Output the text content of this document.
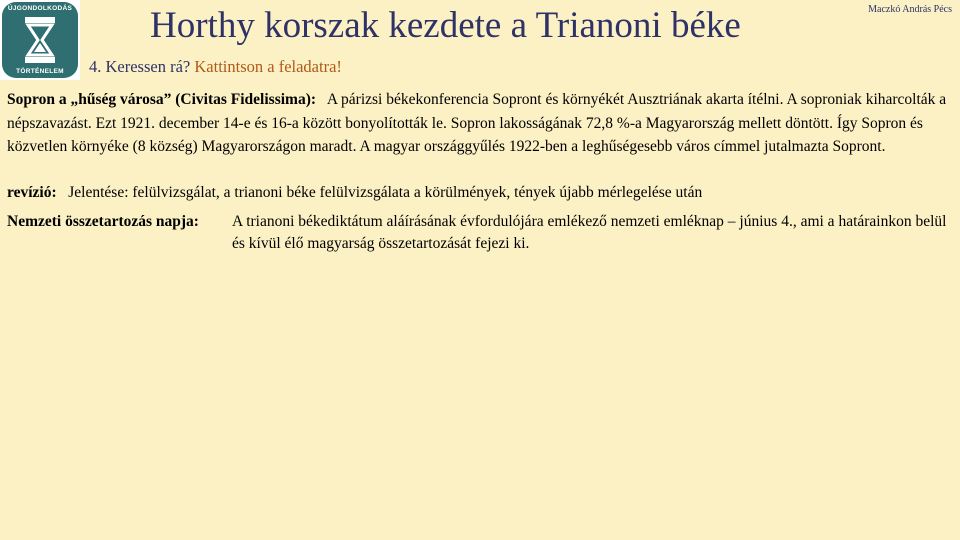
ÚJGONDOLKODÁS
TÖRTÉNELEM
Horthy korszak kezdete a Trianoni béke	Maczkó András Pécs
4. Keressen rá? Kattintson a feladatra!
Sopron a „hűség városa” (Civitas Fidelissima): A párizsi békekonferencia Sopront és környékét Ausztriának akarta ítélni. A soproniak kiharcolták a népszavazást. Ezt 1921. december 14-e és 16-a között bonyolították le. Sopron lakosságának 72,8 %-a Magyarország mellett döntött. Így Sopron és közvetlen környéke (8 község) Magyarországon maradt. A magyar országgyűlés 1922-ben a leghűségesebb város címmel jutalmazta Sopront.
revízió: Jelentése: felülvizsgálat, a trianoni béke felülvizsgálata a körülmények, tények újabb mérlegelése után
Nemzeti összetartozás napja: A trianoni békediktátum aláírásának évfordulójára emlékező nemzeti emléknap – június 4., ami a határainkon belül és kívül élő magyarság összetartozását fejezi ki.
